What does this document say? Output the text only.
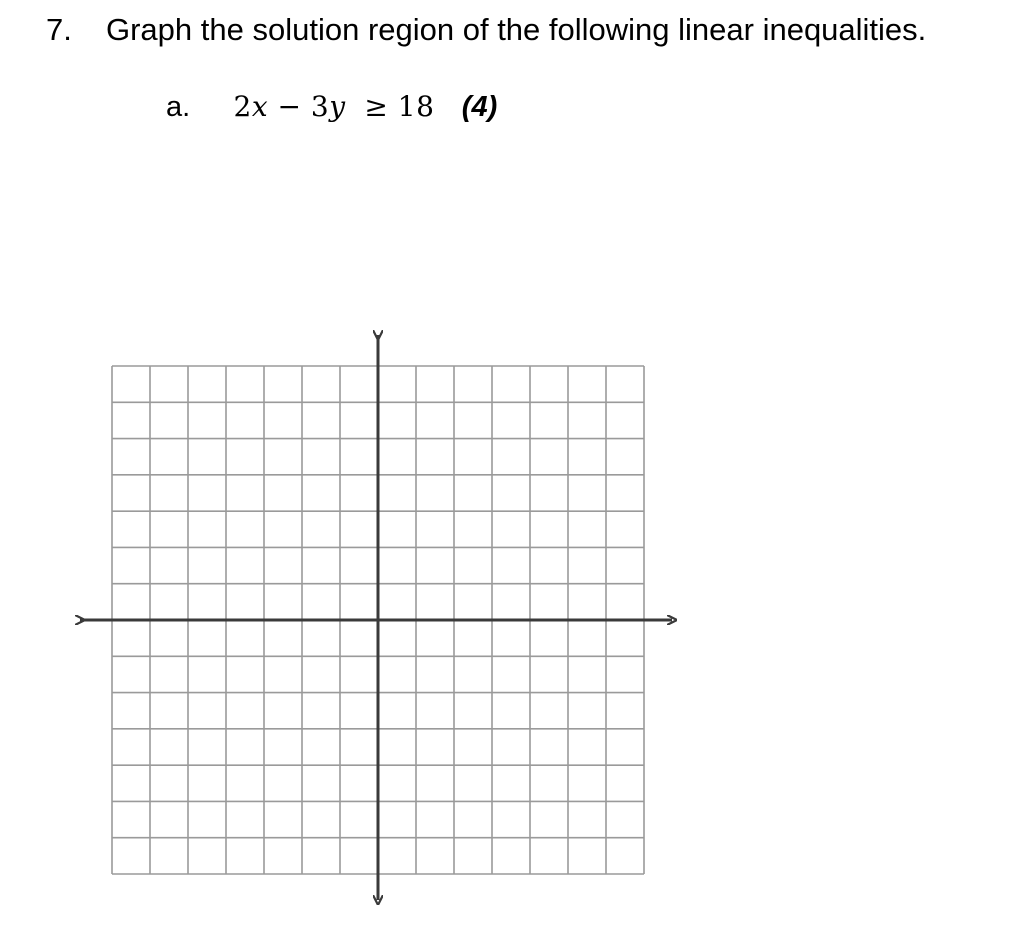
7. Graph the solution region of the following linear inequalities.
a. 2x − 3y ≥ 18 (4)
